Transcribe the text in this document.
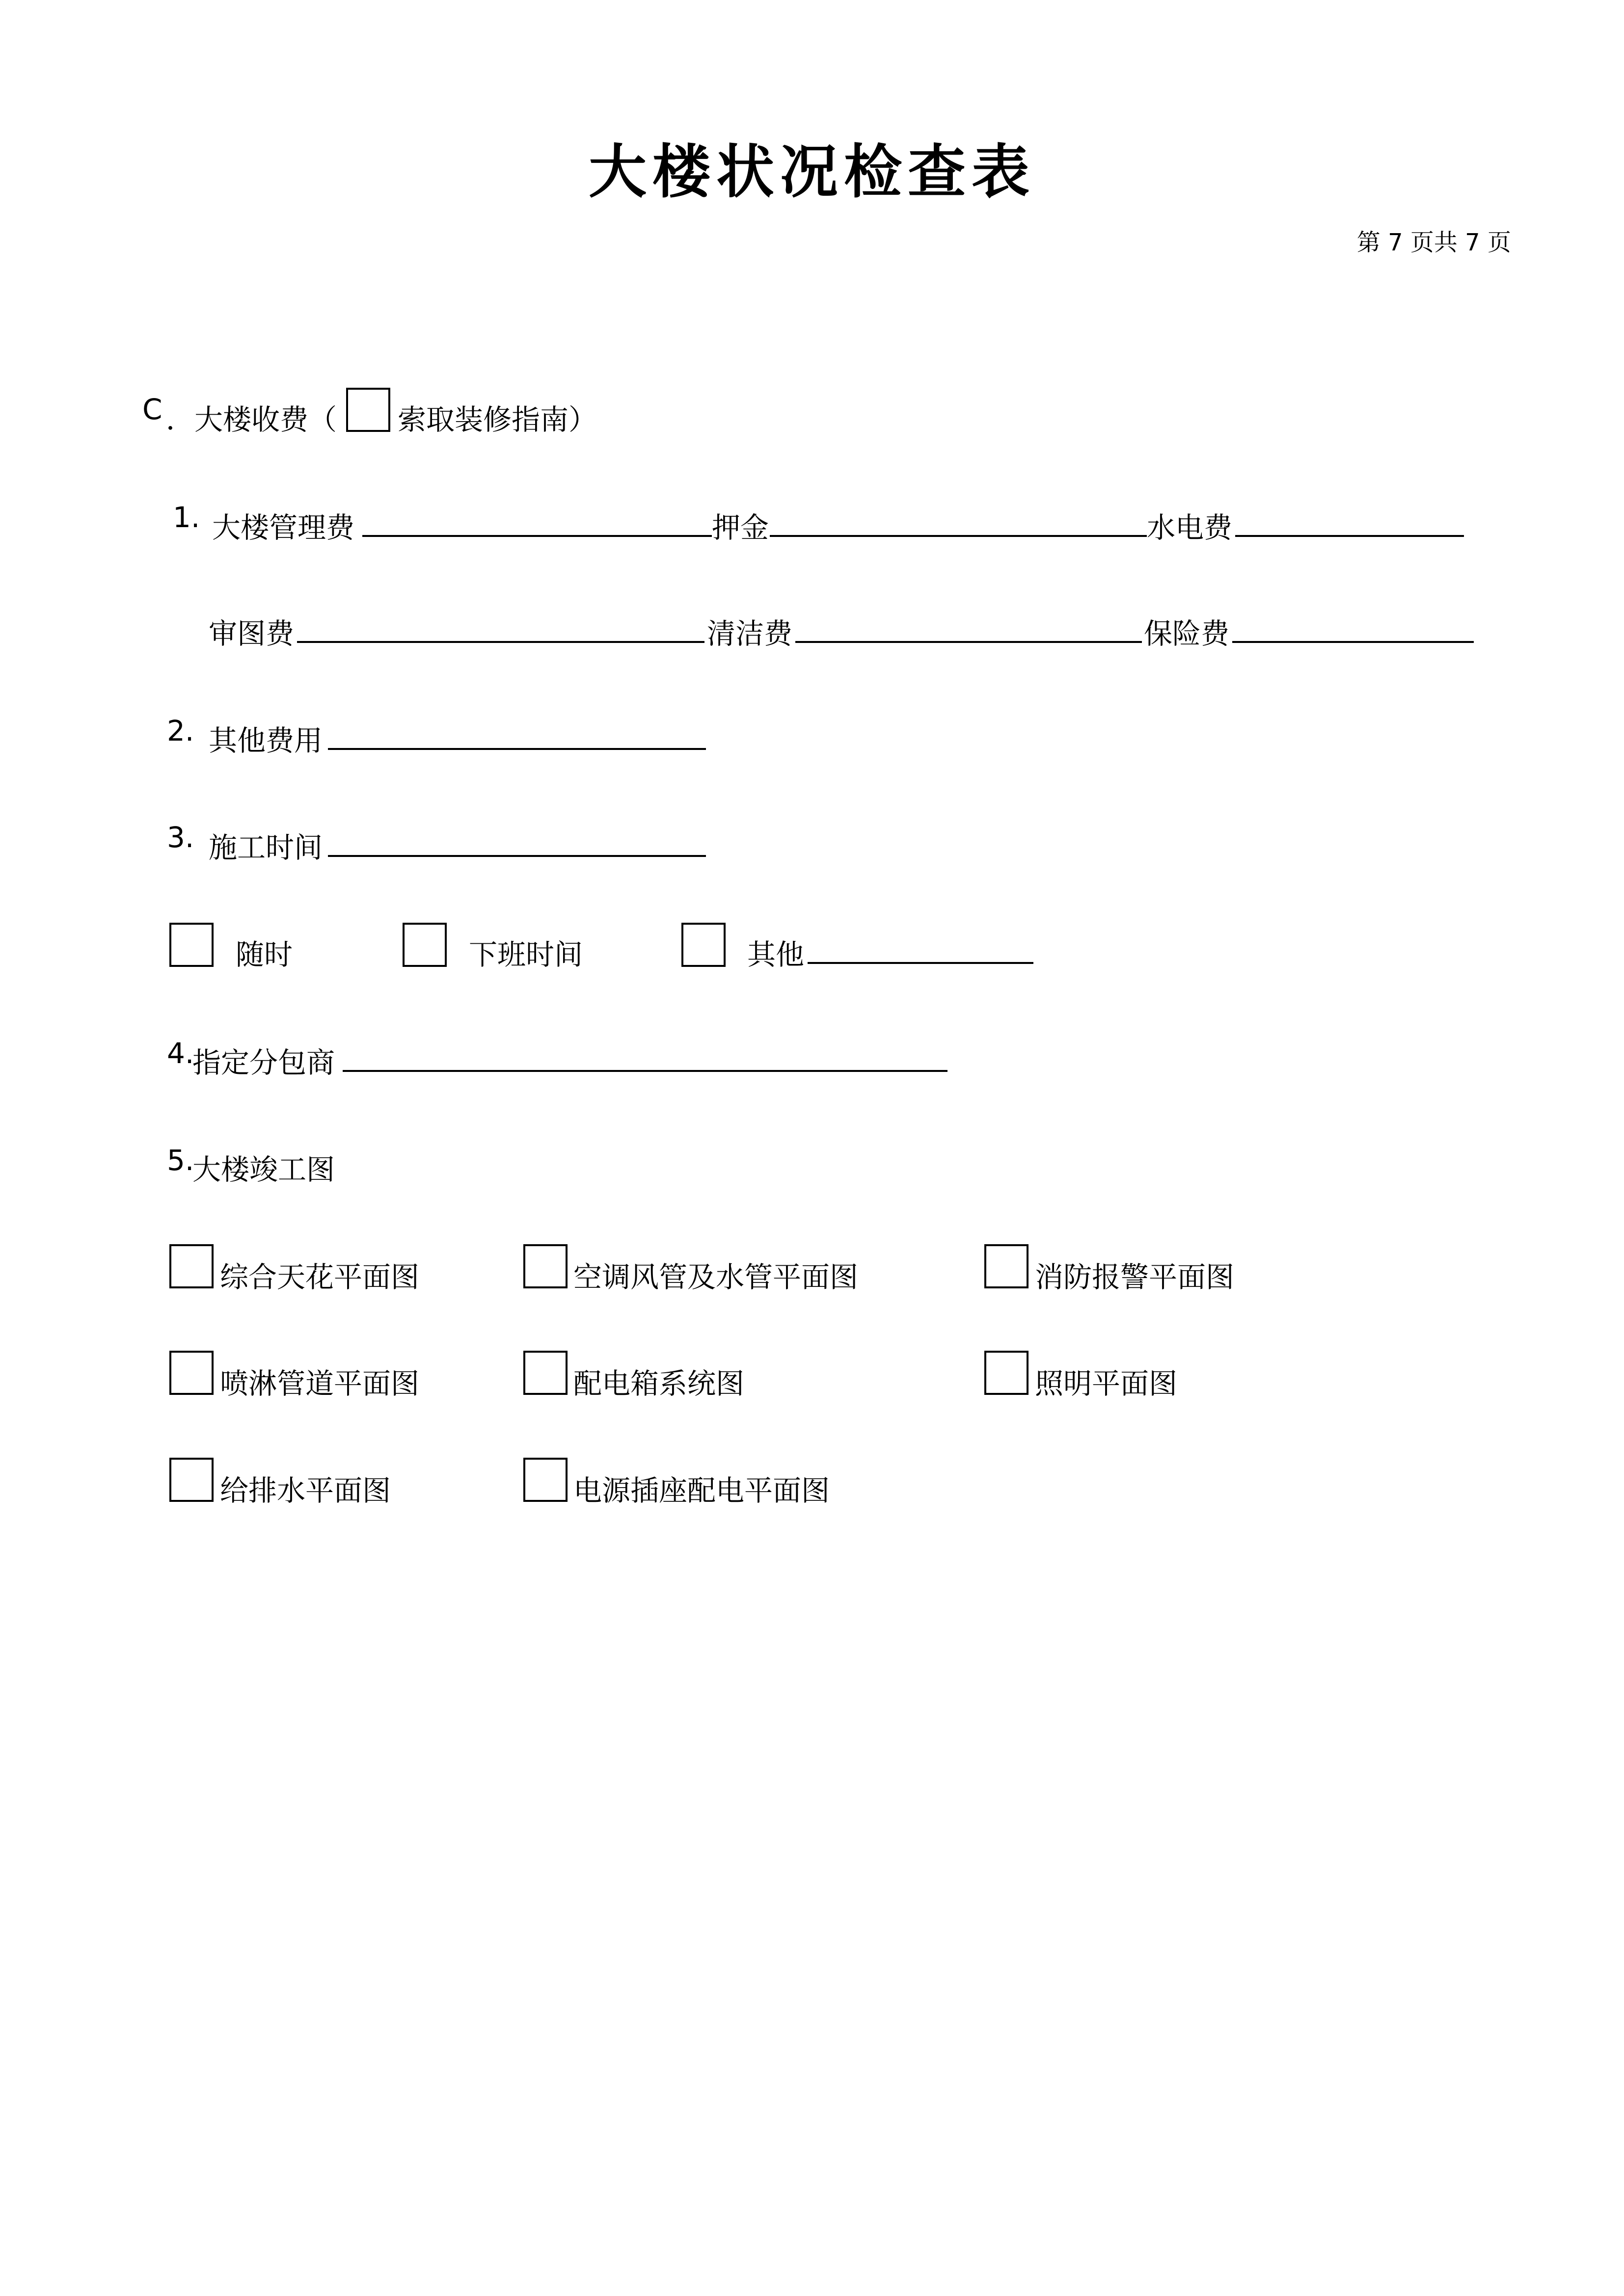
大楼状况检查表
第 7 页共 7 页
C ．大楼收费（ 索取装修指南）
1. 大楼管理费	押金	水电费
审图费	清洁费	保险费
2. 其他费用
3. 施工时间
随时	下班时间	其他
4.
指定分包商
5.
大楼竣工图
综合天花平面图	空调风管及水管平面图	消防报警平面图
喷淋管道平面图	配电箱系统图	照明平面图
给排水平面图	电源插座配电平面图
